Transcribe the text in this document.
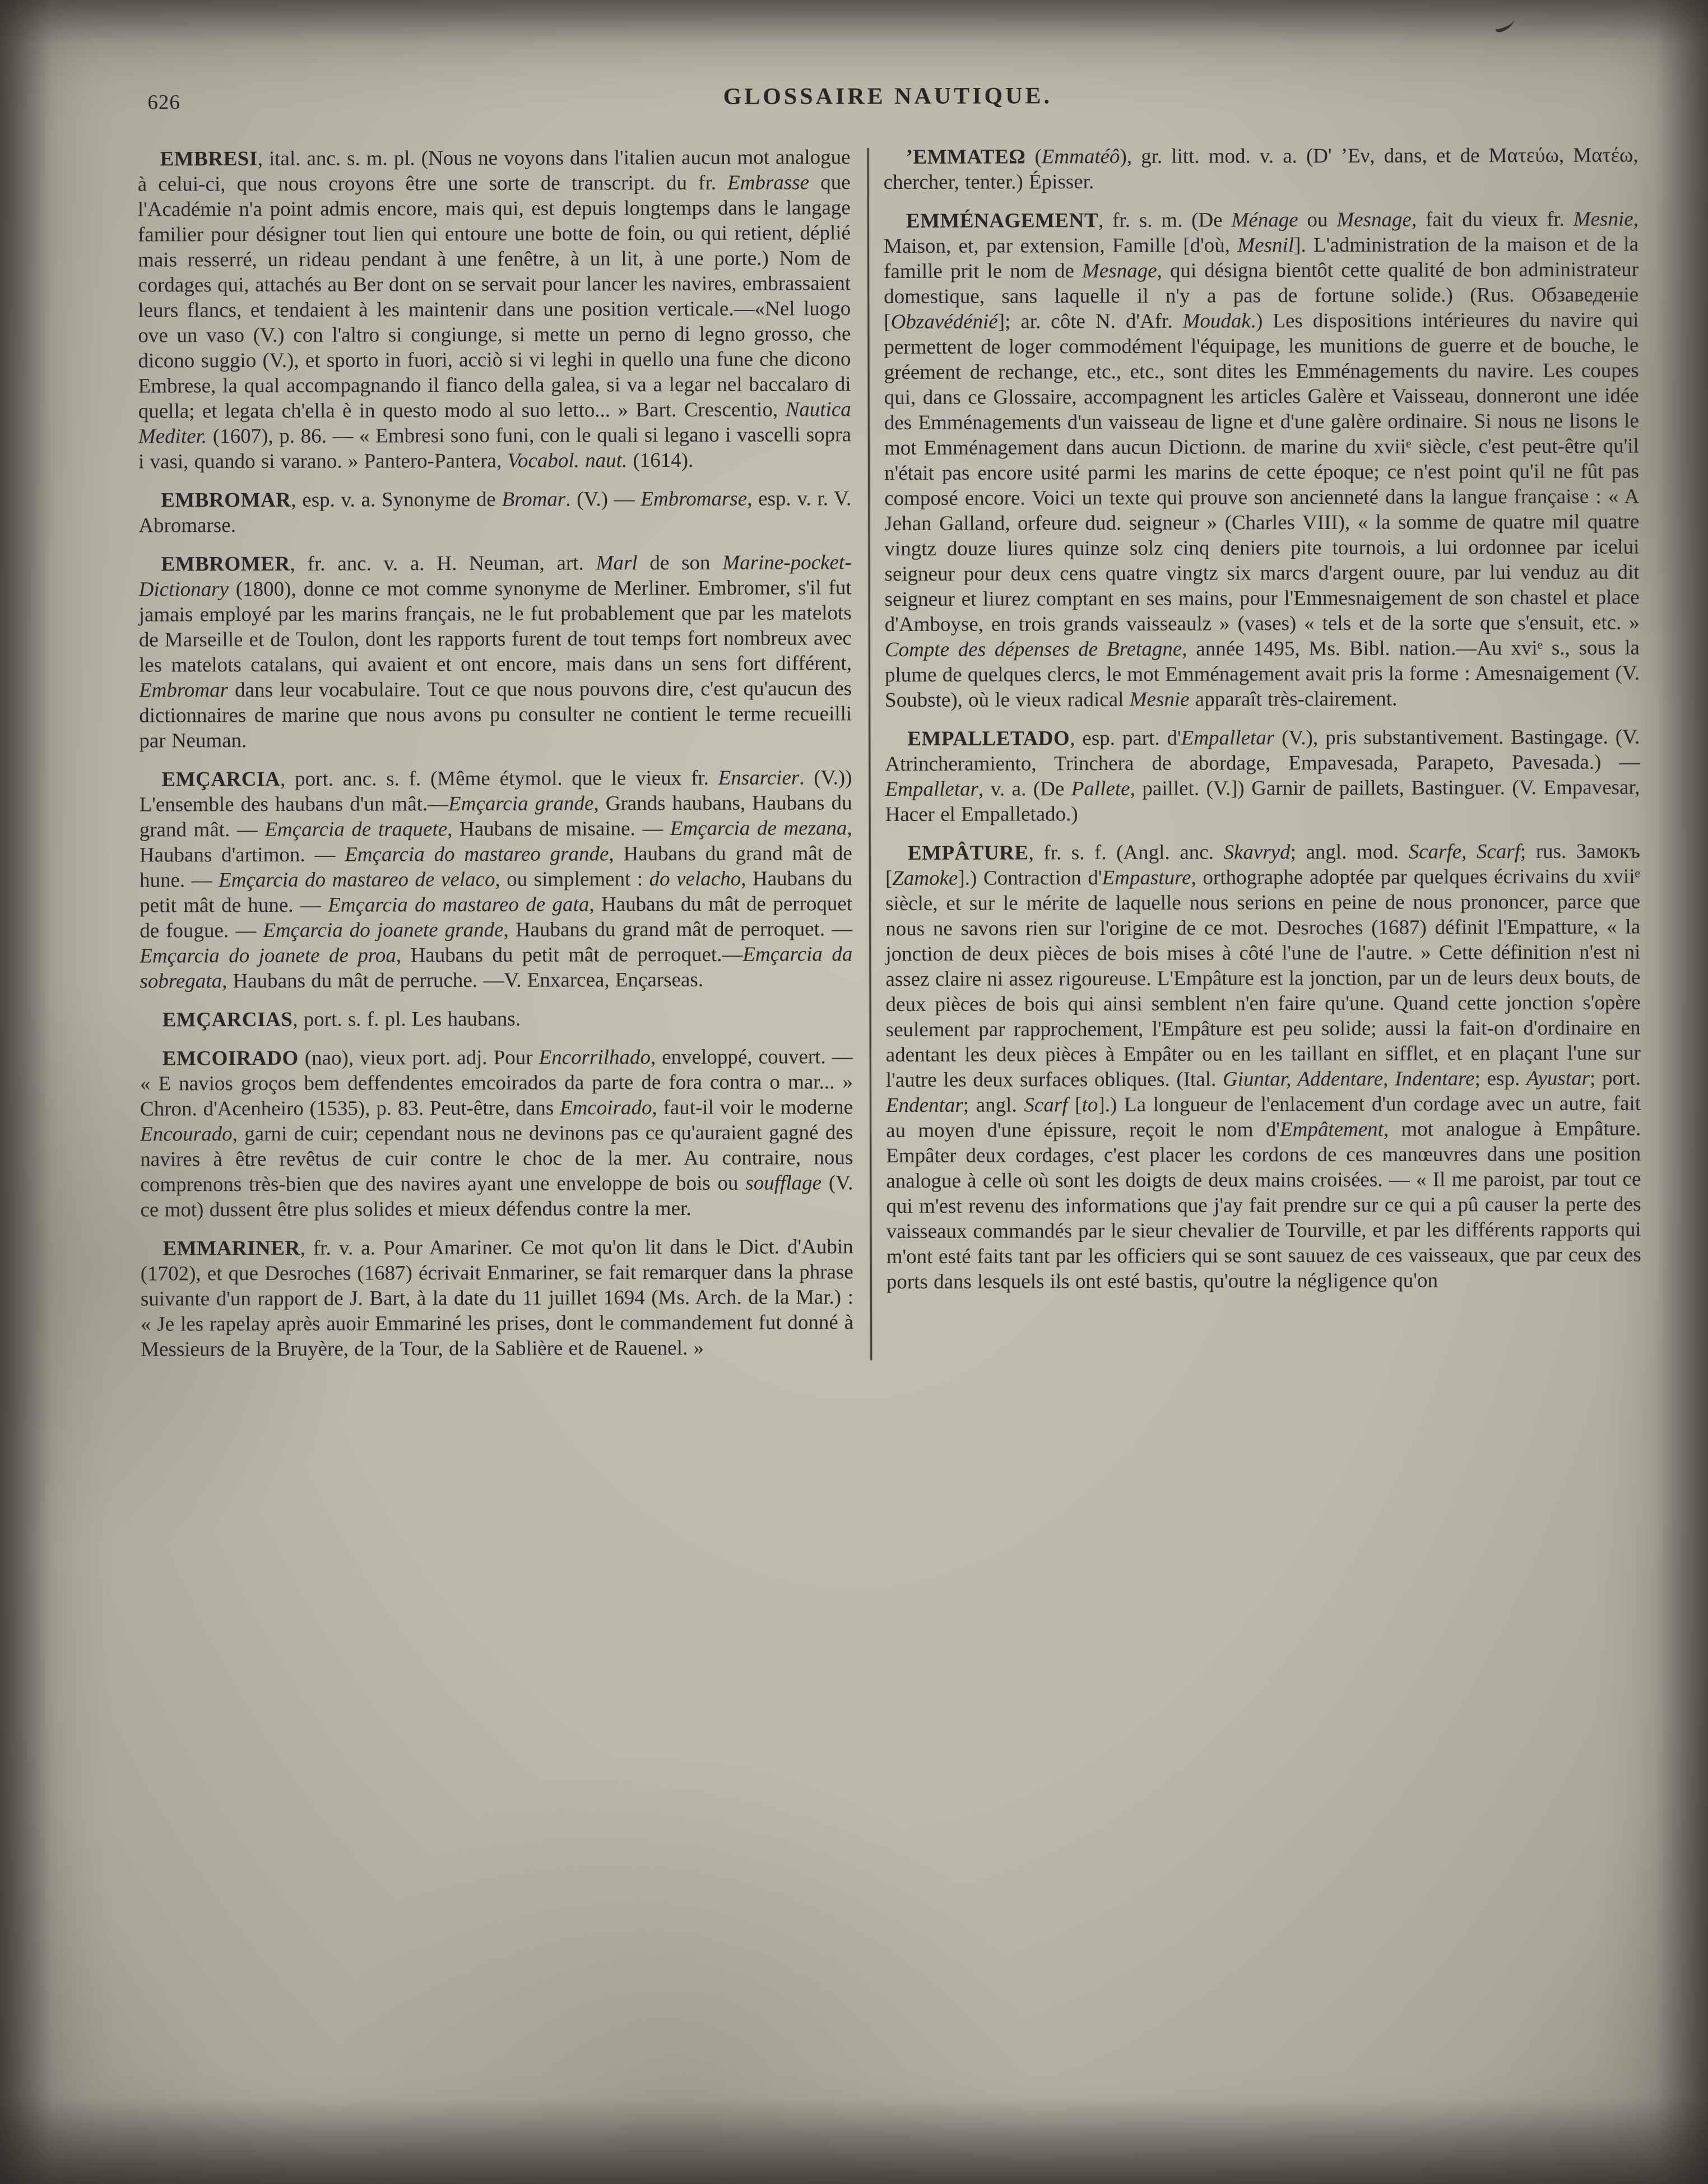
626	GLOSSAIRE NAUTIQUE.

EMBRESI, ital. anc. s. m. pl. (Nous ne voyons dans l'italien aucun mot analogue à celui-ci, que nous croyons être une sorte de transcript. du fr. Embrasse que l'Académie n'a point admis encore, mais qui, est depuis longtemps dans le langage familier pour désigner tout lien qui entoure une botte de foin, ou qui retient, déplié mais resserré, un rideau pendant à une fenêtre, à un lit, à une porte.) Nom de cordages qui, attachés au Ber dont on se servait pour lancer les navires, embrassaient leurs flancs, et tendaient à les maintenir dans une position verticale.—«Nel luogo ove un vaso (V.) con l'altro si congiunge, si mette un perno di legno grosso, che dicono suggio (V.), et sporto in fuori, acciò si vi leghi in quello una fune che dicono Embrese, la qual accompagnando il fianco della galea, si va a legar nel baccalaro di quella; et legata ch'ella è in questo modo al suo letto... » Bart. Crescentio, Nautica Mediter. (1607), p. 86. — « Embresi sono funi, con le quali si legano i vascelli sopra i vasi, quando si varano. » Pantero-Pantera, Vocabol. naut. (1614).

EMBROMAR, esp. v. a. Synonyme de Bromar. (V.) — Embromarse, esp. v. r. V. Abromarse.

EMBROMER, fr. anc. v. a. H. Neuman, art. Marl de son Marine-pocket-Dictionary (1800), donne ce mot comme synonyme de Merliner. Embromer, s'il fut jamais employé par les marins français, ne le fut probablement que par les matelots de Marseille et de Toulon, dont les rapports furent de tout temps fort nombreux avec les matelots catalans, qui avaient et ont encore, mais dans un sens fort différent, Embromar dans leur vocabulaire. Tout ce que nous pouvons dire, c'est qu'aucun des dictionnaires de marine que nous avons pu consulter ne contient le terme recueilli par Neuman.

EMÇARCIA, port. anc. s. f. (Même étymol. que le vieux fr. Ensarcier. (V.)) L'ensemble des haubans d'un mât.—Emçarcia grande, Grands haubans, Haubans du grand mât. — Emçarcia de traquete, Haubans de misaine. — Emçarcia de mezana, Haubans d'artimon. — Emçarcia do mastareo grande, Haubans du grand mât de hune. — Emçarcia do mastareo de velaco, ou simplement : do velacho, Haubans du petit mât de hune. — Emçarcia do mastareo de gata, Haubans du mât de perroquet de fougue. — Emçarcia do joanete grande, Haubans du grand mât de perroquet. — Emçarcia do joanete de proa, Haubans du petit mât de perroquet.—Emçarcia da sobregata, Haubans du mât de perruche. —V. Enxarcea, Ençarseas.

EMÇARCIAS, port. s. f. pl. Les haubans.

EMCOIRADO (nao), vieux port. adj. Pour Encorrilhado, enveloppé, couvert. — « E navios groços bem deffendentes emcoirados da parte de fora contra o mar... » Chron. d'Acenheiro (1535), p. 83. Peut-être, dans Emcoirado, faut-il voir le moderne Encourado, garni de cuir; cependant nous ne devinons pas ce qu'auraient gagné des navires à être revêtus de cuir contre le choc de la mer. Au contraire, nous comprenons très-bien que des navires ayant une enveloppe de bois ou soufflage (V. ce mot) dussent être plus solides et mieux défendus contre la mer.

EMMARINER, fr. v. a. Pour Amariner. Ce mot qu'on lit dans le Dict. d'Aubin (1702), et que Desroches (1687) écrivait Enmariner, se fait remarquer dans la phrase suivante d'un rapport de J. Bart, à la date du 11 juillet 1694 (Ms. Arch. de la Mar.) : « Je les rapelay après auoir Emmariné les prises, dont le commandement fut donné à Messieurs de la Bruyère, de la Tour, de la Sablière et de Rauenel. »

’EMMATEΩ (Emmatéô), gr. litt. mod. v. a. (D' ’Εν, dans, et de Ματεύω, Ματέω, chercher, tenter.) Épisser.

EMMÉNAGEMENT, fr. s. m. (De Ménage ou Mesnage, fait du vieux fr. Mesnie, Maison, et, par extension, Famille [d'où, Mesnil]. L'administration de la maison et de la famille prit le nom de Mesnage, qui désigna bientôt cette qualité de bon administrateur domestique, sans laquelle il n'y a pas de fortune solide.) (Rus. Обзаведеніе [Obzavédénié]; ar. côte N. d'Afr. Moudak.) Les dispositions intérieures du navire qui permettent de loger commodément l'équipage, les munitions de guerre et de bouche, le gréement de rechange, etc., etc., sont dites les Emménagements du navire. Les coupes qui, dans ce Glossaire, accompagnent les articles Galère et Vaisseau, donneront une idée des Emménagements d'un vaisseau de ligne et d'une galère ordinaire. Si nous ne lisons le mot Emménagement dans aucun Dictionn. de marine du xviiᵉ siècle, c'est peut-être qu'il n'était pas encore usité parmi les marins de cette époque; ce n'est point qu'il ne fût pas composé encore. Voici un texte qui prouve son ancienneté dans la langue française : « A Jehan Galland, orfeure dud. seigneur » (Charles VIII), « la somme de quatre mil quatre vingtz douze liures quinze solz cinq deniers pite tournois, a lui ordonnee par icelui seigneur pour deux cens quatre vingtz six marcs d'argent ouure, par lui venduz au dit seigneur et liurez comptant en ses mains, pour l'Emmesnaigement de son chastel et place d'Amboyse, en trois grands vaisseaulz » (vases) « tels et de la sorte que s'ensuit, etc. » Compte des dépenses de Bretagne, année 1495, Ms. Bibl. nation.—Au xviᵉ s., sous la plume de quelques clercs, le mot Emménagement avait pris la forme : Amesnaigement (V. Soubste), où le vieux radical Mesnie apparaît très-clairement.

EMPALLETADO, esp. part. d'Empalletar (V.), pris substantivement. Bastingage. (V. Atrincheramiento, Trinchera de abordage, Empavesada, Parapeto, Pavesada.) — Empalletar, v. a. (De Pallete, paillet. (V.]) Garnir de paillets, Bastinguer. (V. Empavesar, Hacer el Empalletado.)

EMPÂTURE, fr. s. f. (Angl. anc. Skavryd; angl. mod. Scarfe, Scarf; rus. Замокъ [Zamoke].) Contraction d'Empasture, orthographe adoptée par quelques écrivains du xviiᵉ siècle, et sur le mérite de laquelle nous serions en peine de nous prononcer, parce que nous ne savons rien sur l'origine de ce mot. Desroches (1687) définit l'Empatture, « la jonction de deux pièces de bois mises à côté l'une de l'autre. » Cette définition n'est ni assez claire ni assez rigoureuse. L'Empâture est la jonction, par un de leurs deux bouts, de deux pièces de bois qui ainsi semblent n'en faire qu'une. Quand cette jonction s'opère seulement par rapprochement, l'Empâture est peu solide; aussi la fait-on d'ordinaire en adentant les deux pièces à Empâter ou en les taillant en sifflet, et en plaçant l'une sur l'autre les deux surfaces obliques. (Ital. Giuntar, Addentare, Indentare; esp. Ayustar; port. Endentar; angl. Scarf [to].) La longueur de l'enlacement d'un cordage avec un autre, fait au moyen d'une épissure, reçoit le nom d'Empâtement, mot analogue à Empâture. Empâter deux cordages, c'est placer les cordons de ces manœuvres dans une position analogue à celle où sont les doigts de deux mains croisées. — « Il me paroist, par tout ce qui m'est revenu des informations que j'ay fait prendre sur ce qui a pû causer la perte des vaisseaux commandés par le sieur chevalier de Tourville, et par les différents rapports qui m'ont esté faits tant par les officiers qui se sont sauuez de ces vaisseaux, que par ceux des ports dans lesquels ils ont esté bastis, qu'outre la négligence qu'on
